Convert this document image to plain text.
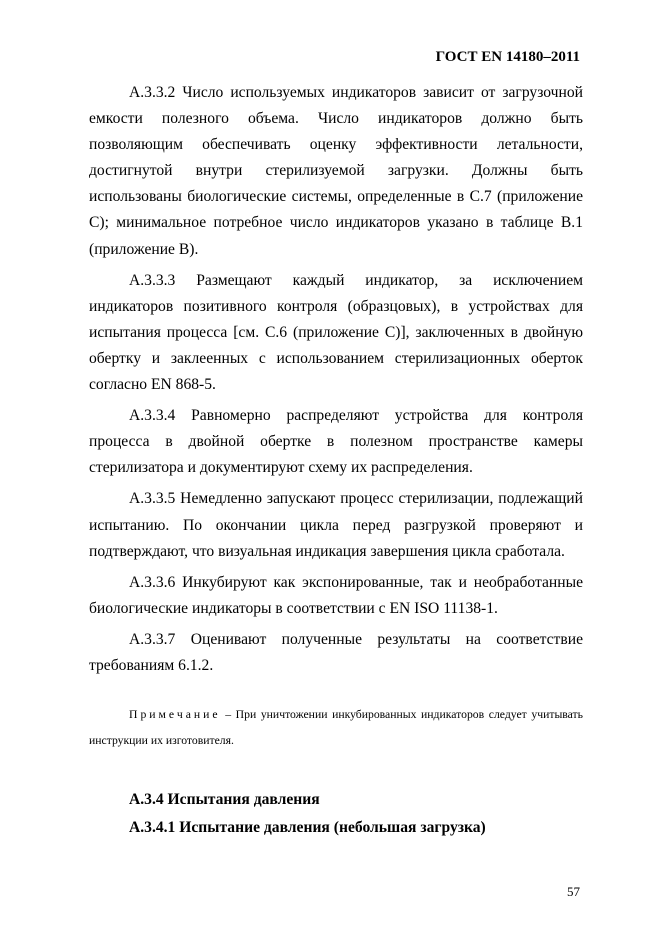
ГОСТ EN 14180–2011

А.3.3.2 Число используемых индикаторов зависит от загрузочной емкости полезного объема. Число индикаторов должно быть позволяющим обеспечивать оценку эффективности летальности, достигнутой внутри стерилизуемой загрузки. Должны быть использованы биологические системы, определенные в С.7 (приложение С); минимальное потребное число индикаторов указано в таблице В.1 (приложение В).

А.3.3.3 Размещают каждый индикатор, за исключением индикаторов позитивного контроля (образцовых), в устройствах для испытания процесса [см. С.6 (приложение С)], заключенных в двойную обертку и заклеенных с использованием стерилизационных оберток согласно EN 868-5.

А.3.3.4 Равномерно распределяют устройства для контроля процесса в двойной обертке в полезном пространстве камеры стерилизатора и документируют схему их распределения.

А.3.3.5 Немедленно запускают процесс стерилизации, подлежащий испытанию. По окончании цикла перед разгрузкой проверяют и подтверждают, что визуальная индикация завершения цикла сработала.

А.3.3.6 Инкубируют как экспонированные, так и необработанные биологические индикаторы в соответствии с EN ISO 11138-1.

А.3.3.7 Оценивают полученные результаты на соответствие требованиям 6.1.2.

Примечание – При уничтожении инкубированных индикаторов следует учитывать инструкции их изготовителя.

А.3.4 Испытания давления
А.3.4.1 Испытание давления (небольшая загрузка)
57
